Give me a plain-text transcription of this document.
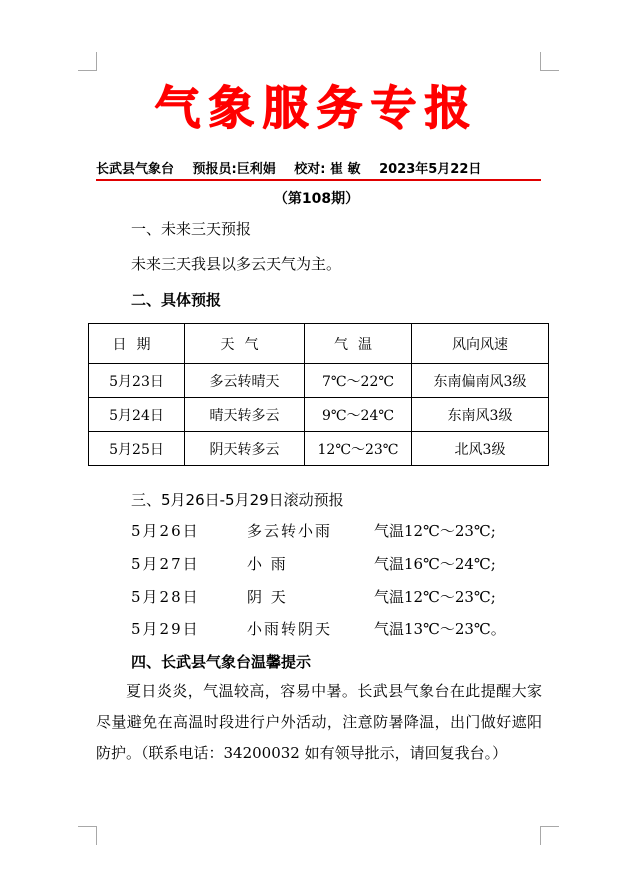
气象服务专报
长武县气象台 预报员:巨利娟 校对: 崔 敏 2023年5月22日
（第108期）
一、未来三天预报
未来三天我县以多云天气为主。
二、具体预报
日期	天气	气温	风向风速
5月23日	多云转晴天	7℃～22℃	东南偏南风3级
5月24日	晴天转多云	9℃～24℃	东南风3级
5月25日	阴天转多云	12℃～23℃	北风3级
三、5月26日-5月29日滚动预报
5月26日	多云转小雨	气温12℃～23℃;
5月27日	小 雨	气温16℃～24℃;
5月28日	阴 天	气温12℃～23℃;
5月29日	小雨转阴天	气温13℃～23℃。
四、长武县气象台温馨提示
夏日炎炎，气温较高，容易中暑。长武县气象台在此提醒大家尽量避免在高温时段进行户外活动，注意防暑降温，出门做好遮阳防护。（联系电话：34200032 如有领导批示，请回复我台。）
